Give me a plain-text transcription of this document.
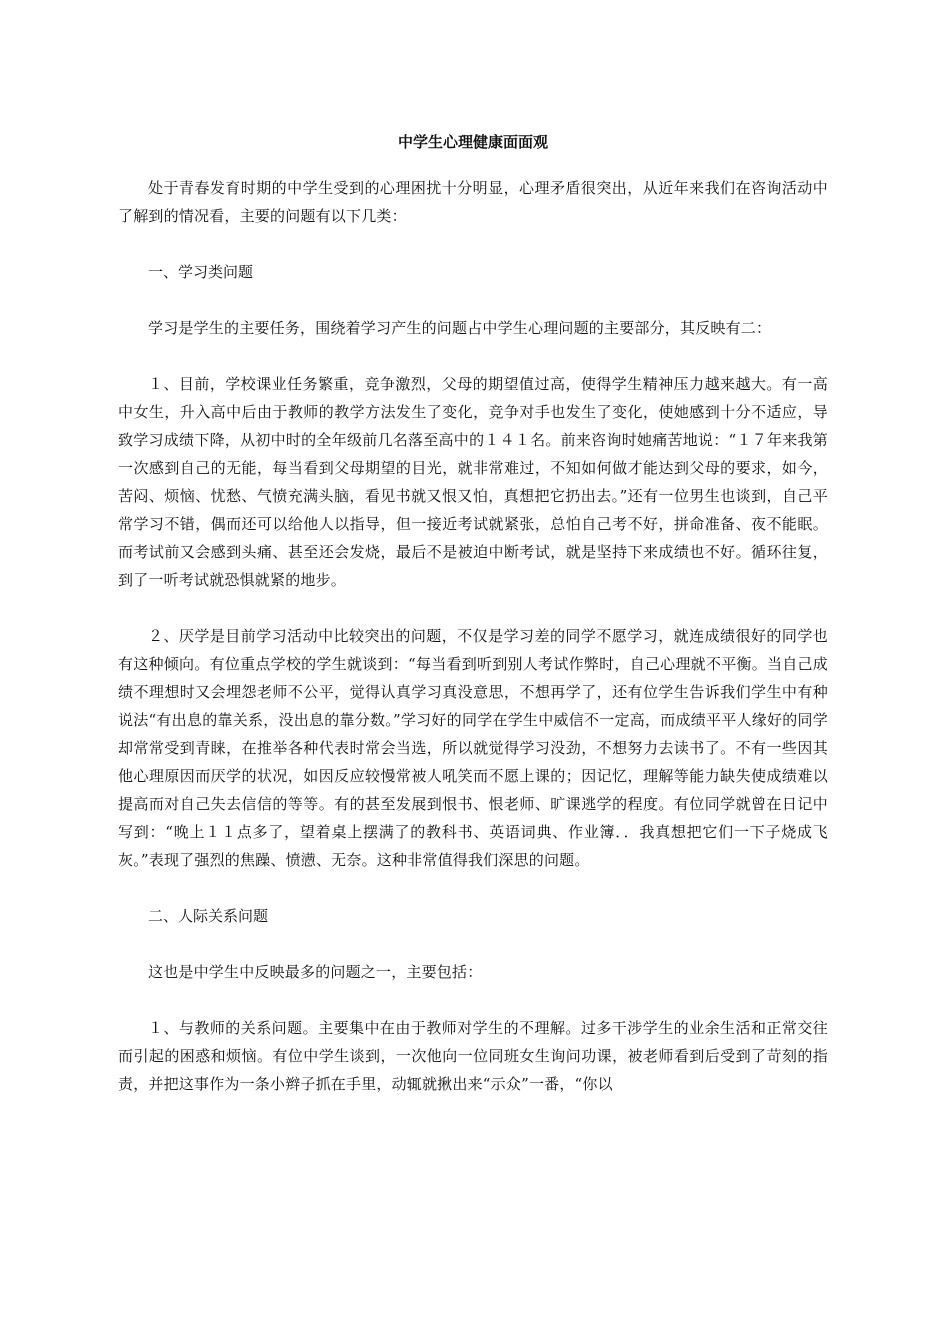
中学生心理健康面面观

处于青春发育时期的中学生受到的心理困扰十分明显，心理矛盾很突出，从近年来我们在咨询活动中了解到的情况看，主要的问题有以下几类：

一、学习类问题

学习是学生的主要任务，围绕着学习产生的问题占中学生心理问题的主要部分，其反映有二：

１、目前，学校课业任务繁重，竞争激烈，父母的期望值过高，使得学生精神压力越来越大。有一高中女生，升入高中后由于教师的教学方法发生了变化，竞争对手也发生了变化，使她感到十分不适应，导致学习成绩下降，从初中时的全年级前几名落至高中的１４１名。前来咨询时她痛苦地说：“１７年来我第一次感到自己的无能，每当看到父母期望的目光，就非常难过，不知如何做才能达到父母的要求，如今，苦闷、烦恼、忧愁、气愤充满头脑，看见书就又恨又怕，真想把它扔出去。”还有一位男生也谈到，自己平常学习不错，偶而还可以给他人以指导，但一接近考试就紧张，总怕自己考不好，拼命准备、夜不能眠。而考试前又会感到头痛、甚至还会发烧，最后不是被迫中断考试，就是坚持下来成绩也不好。循环往复，到了一听考试就恐惧就紧的地步。

２、厌学是目前学习活动中比较突出的问题，不仅是学习差的同学不愿学习，就连成绩很好的同学也有这种倾向。有位重点学校的学生就谈到：“每当看到听到别人考试作弊时，自己心理就不平衡。当自己成绩不理想时又会埋怨老师不公平，觉得认真学习真没意思，不想再学了，还有位学生告诉我们学生中有种说法“有出息的靠关系，没出息的靠分数。”学习好的同学在学生中威信不一定高，而成绩平平人缘好的同学却常常受到青睐，在推举各种代表时常会当选，所以就觉得学习没劲，不想努力去读书了。不有一些因其他心理原因而厌学的状况，如因反应较慢常被人吼笑而不愿上课的；因记忆，理解等能力缺失使成绩难以提高而对自己失去信信的等等。有的甚至发展到恨书、恨老师、旷课逃学的程度。有位同学就曾在日记中写到：“晚上１１点多了，望着桌上摆满了的教科书、英语词典、作业簿．．我真想把它们一下子烧成飞灰。”表现了强烈的焦躁、愤懑、无奈。这种非常值得我们深思的问题。

二、人际关系问题

这也是中学生中反映最多的问题之一，主要包括：

１、与教师的关系问题。主要集中在由于教师对学生的不理解。过多干涉学生的业余生活和正常交往而引起的困惑和烦恼。有位中学生谈到，一次他向一位同班女生询问功课，被老师看到后受到了苛刻的指责，并把这事作为一条小辫子抓在手里，动辄就揪出来“示众”一番，“你以
